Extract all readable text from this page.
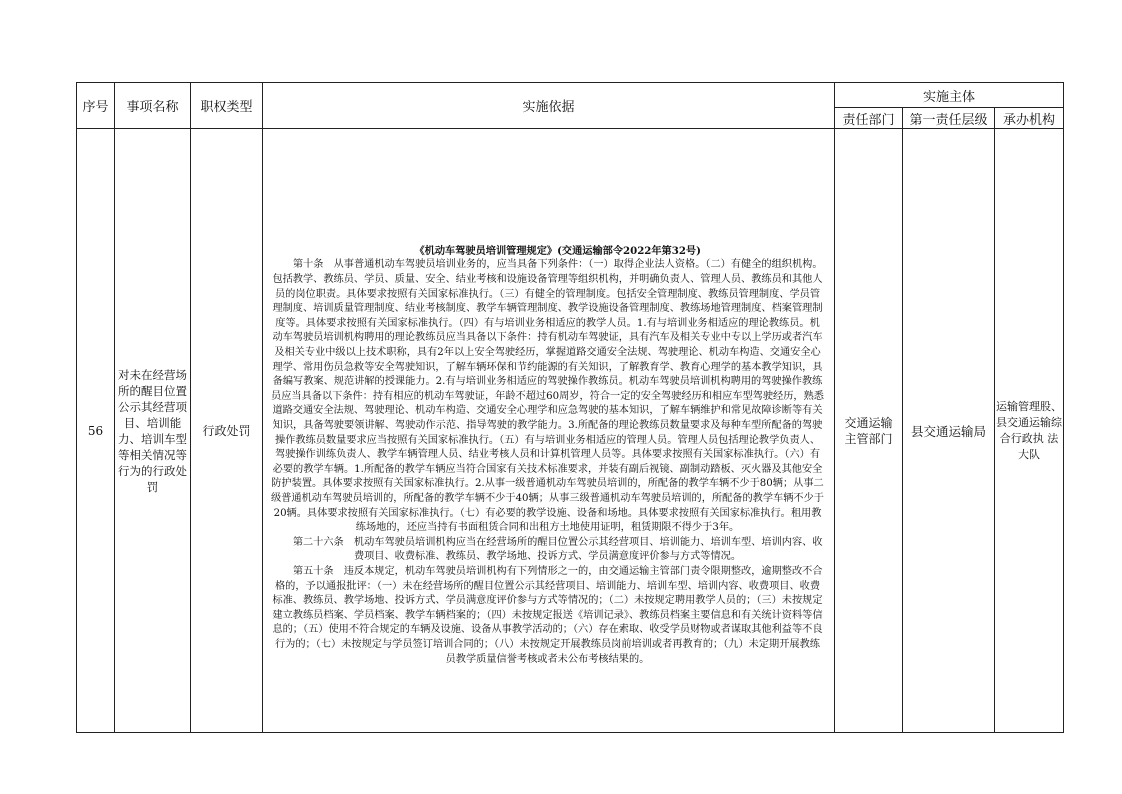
序号	事项名称	职权类型	实施依据	实施主体		
				责任部门	第一责任层级	承办机构
56	对未在经营场所的醒目位置公示其经营项目、培训能力、培训车型等相关情况等行为的行政处罚	行政处罚	《机动车驾驶员培训管理规定》(交通运输部令2022年第32号)

第十条　从事普通机动车驾驶员培训业务的，应当具备下列条件：（一）取得企业法人资格。（二）有健全的组织机构。包括教学、教练员、学员、质量、安全、结业考核和设施设备管理等组织机构，并明确负责人、管理人员、教练员和其他人员的岗位职责。具体要求按照有关国家标准执行。（三）有健全的管理制度。包括安全管理制度、教练员管理制度、学员管理制度、培训质量管理制度、结业考核制度、教学车辆管理制度、教学设施设备管理制度、教练场地管理制度、档案管理制度等。具体要求按照有关国家标准执行。（四）有与培训业务相适应的教学人员。1.有与培训业务相适应的理论教练员。机动车驾驶员培训机构聘用的理论教练员应当具备以下条件：持有机动车驾驶证，具有汽车及相关专业中专以上学历或者汽车及相关专业中级以上技术职称，具有2年以上安全驾驶经历，掌握道路交通安全法规、驾驶理论、机动车构造、交通安全心理学、常用伤员急救等安全驾驶知识，了解车辆环保和节约能源的有关知识，了解教育学、教育心理学的基本教学知识，具备编写教案、规范讲解的授课能力。2.有与培训业务相适应的驾驶操作教练员。机动车驾驶员培训机构聘用的驾驶操作教练员应当具备以下条件：持有相应的机动车驾驶证，年龄不超过60周岁，符合一定的安全驾驶经历和相应车型驾驶经历，熟悉道路交通安全法规、驾驶理论、机动车构造、交通安全心理学和应急驾驶的基本知识，了解车辆维护和常见故障诊断等有关知识，具备驾驶要领讲解、驾驶动作示范、指导驾驶的教学能力。3.所配备的理论教练员数量要求及每种车型所配备的驾驶操作教练员数量要求应当按照有关国家标准执行。（五）有与培训业务相适应的管理人员。管理人员包括理论教学负责人、驾驶操作训练负责人、教学车辆管理人员、结业考核人员和计算机管理人员等。具体要求按照有关国家标准执行。（六）有必要的教学车辆。1.所配备的教学车辆应当符合国家有关技术标准要求，并装有副后视镜、副制动踏板、灭火器及其他安全防护装置。具体要求按照有关国家标准执行。2.从事一级普通机动车驾驶员培训的，所配备的教学车辆不少于80辆；从事二级普通机动车驾驶员培训的，所配备的教学车辆不少于40辆；从事三级普通机动车驾驶员培训的，所配备的教学车辆不少于20辆。具体要求按照有关国家标准执行。（七）有必要的教学设施、设备和场地。具体要求按照有关国家标准执行。租用教练场地的，还应当持有书面租赁合同和出租方土地使用证明，租赁期限不得少于3年。

第二十六条　机动车驾驶员培训机构应当在经营场所的醒目位置公示其经营项目、培训能力、培训车型、培训内容、收费项目、收费标准、教练员、教学场地、投诉方式、学员满意度评价参与方式等情况。

第五十条　违反本规定，机动车驾驶员培训机构有下列情形之一的，由交通运输主管部门责令限期整改，逾期整改不合格的，予以通报批评：（一）未在经营场所的醒目位置公示其经营项目、培训能力、培训车型、培训内容、收费项目、收费标准、教练员、教学场地、投诉方式、学员满意度评价参与方式等情况的；（二）未按规定聘用教学人员的；（三）未按规定建立教练员档案、学员档案、教学车辆档案的；（四）未按规定报送《培训记录》、教练员档案主要信息和有关统计资料等信息的；（五）使用不符合规定的车辆及设施、设备从事教学活动的；（六）存在索取、收受学员财物或者谋取其他利益等不良行为的；（七）未按规定与学员签订培训合同的；（八）未按规定开展教练员岗前培训或者再教育的；（九）未定期开展教练员教学质量信誉考核或者未公布考核结果的。	交通运输主管部门	县交通运输局	运输管理股、县交通运输综合行政执 法大队
